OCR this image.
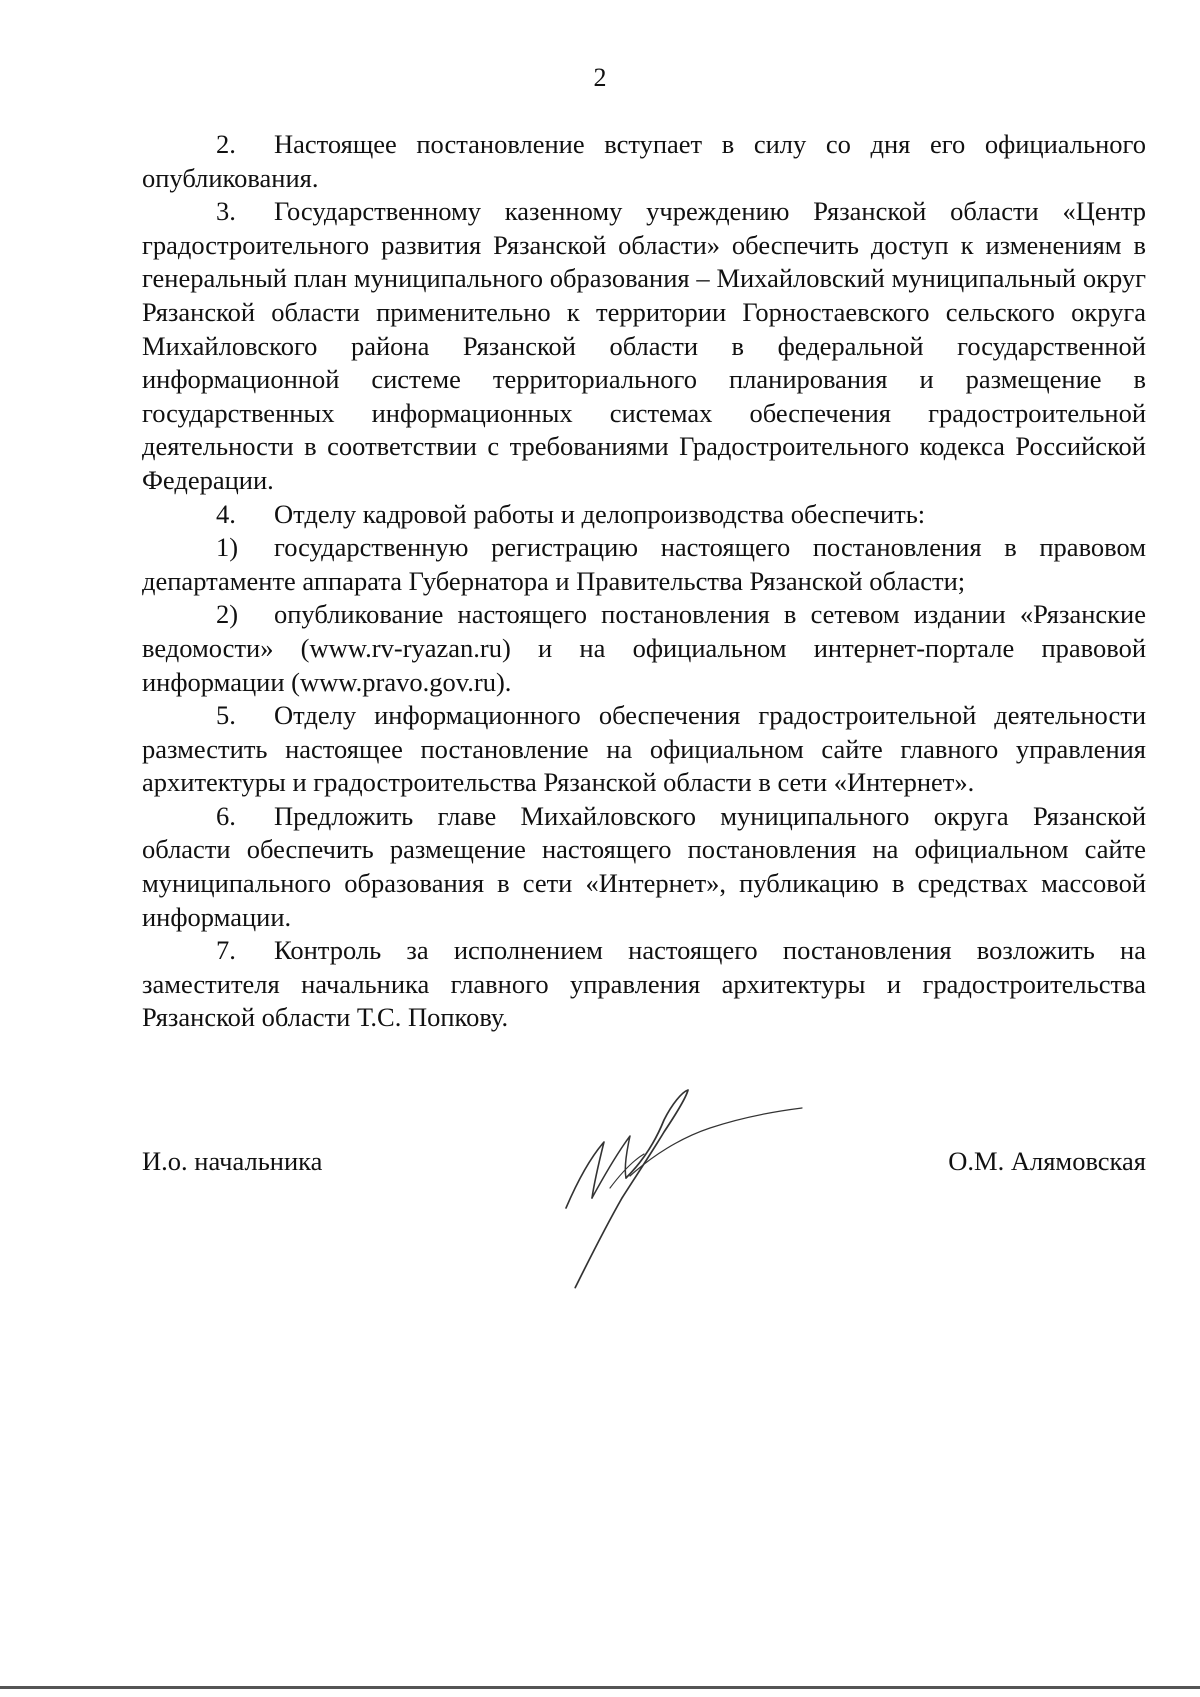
2

2. Настоящее постановление вступает в силу со дня его официального опубликования.

3. Государственному казенному учреждению Рязанской области «Центр градостроительного развития Рязанской области» обеспечить доступ к изменениям в генеральный план муниципального образования – Михайловский муниципальный округ Рязанской области применительно к территории Горностаевского сельского округа Михайловского района Рязанской области в федеральной государственной информационной системе территориального планирования и размещение в государственных информационных системах обеспечения градостроительной деятельности в соответствии с требованиями Градостроительного кодекса Российской Федерации.

4. Отделу кадровой работы и делопроизводства обеспечить:

1) государственную регистрацию настоящего постановления в правовом департаменте аппарата Губернатора и Правительства Рязанской области;

2) опубликование настоящего постановления в сетевом издании «Рязанские ведомости» (www.rv-ryazan.ru) и на официальном интернет-портале правовой информации (www.pravo.gov.ru).

5. Отделу информационного обеспечения градостроительной деятельности разместить настоящее постановление на официальном сайте главного управления архитектуры и градостроительства Рязанской области в сети «Интернет».

6. Предложить главе Михайловского муниципального округа Рязанской области обеспечить размещение настоящего постановления на официальном сайте муниципального образования в сети «Интернет», публикацию в средствах массовой информации.

7. Контроль за исполнением настоящего постановления возложить на заместителя начальника главного управления архитектуры и градостроительства Рязанской области Т.С. Попкову.

И.о. начальника	О.М. Алямовская
